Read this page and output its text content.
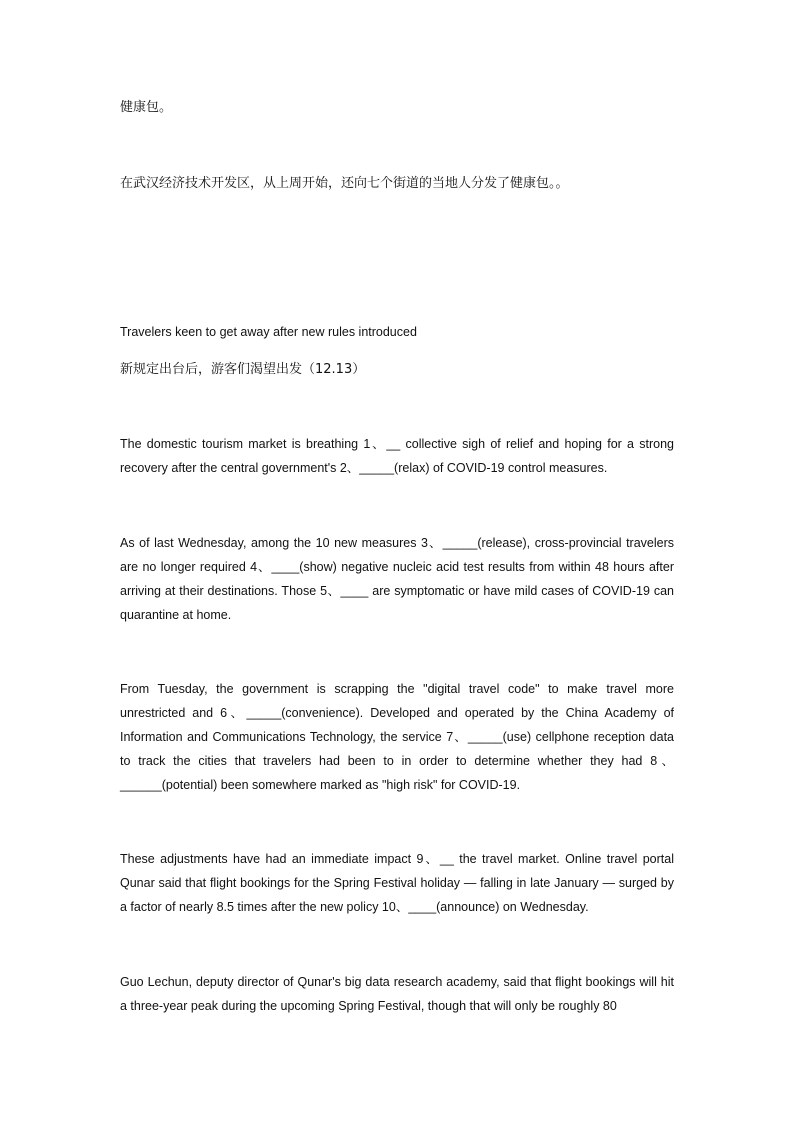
健康包。

在武汉经济技术开发区，从上周开始，还向七个街道的当地人分发了健康包。。

Travelers keen to get away after new rules introduced

新规定出台后，游客们渴望出发（12.13）

The domestic tourism market is breathing 1、__ collective sigh of relief and hoping for a strong recovery after the central government's 2、_____(relax) of COVID-19 control measures.

As of last Wednesday, among the 10 new measures 3、_____(release), cross-provincial travelers are no longer required 4、____(show) negative nucleic acid test results from within 48 hours after arriving at their destinations. Those 5、____ are symptomatic or have mild cases of COVID-19 can quarantine at home.

From Tuesday, the government is scrapping the "digital travel code" to make travel more unrestricted and 6、_____(convenience). Developed and operated by the China Academy of Information and Communications Technology, the service 7、_____(use) cellphone reception data to track the cities that travelers had been to in order to determine whether they had 8、______(potential) been somewhere marked as "high risk" for COVID-19.

These adjustments have had an immediate impact 9、__ the travel market. Online travel portal Qunar said that flight bookings for the Spring Festival holiday — falling in late January — surged by a factor of nearly 8.5 times after the new policy 10、____(announce) on Wednesday.

Guo Lechun, deputy director of Qunar's big data research academy, said that flight bookings will hit a three-year peak during the upcoming Spring Festival, though that will only be roughly 80
